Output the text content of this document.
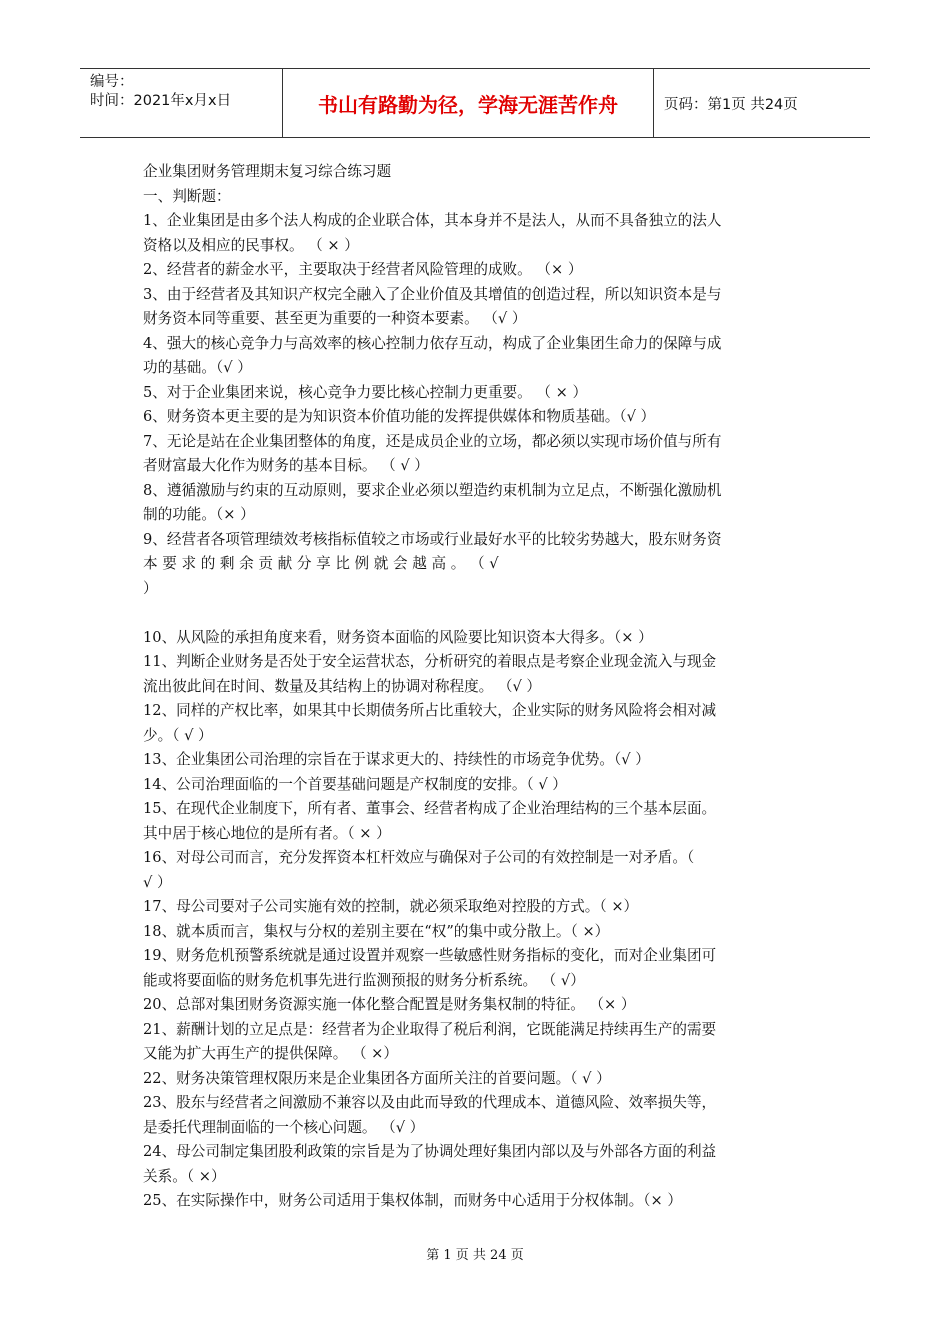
编号：
时间：2021年x月x日	书山有路勤为径，学海无涯苦作舟	页码：第1页 共24页
企业集团财务管理期末复习综合练习题
一、判断题：
1、企业集团是由多个法人构成的企业联合体，其本身并不是法人，从而不具备独立的法人
资格以及相应的民事权。 （ × ）
2、经营者的薪金水平，主要取决于经营者风险管理的成败。 （× ）
3、由于经营者及其知识产权完全融入了企业价值及其增值的创造过程，所以知识资本是与
财务资本同等重要、甚至更为重要的一种资本要素。 （√ ）
4、强大的核心竞争力与高效率的核心控制力依存互动，构成了企业集团生命力的保障与成
功的基础。（√ ）
5、对于企业集团来说，核心竞争力要比核心控制力更重要。 （ × ）
6、财务资本更主要的是为知识资本价值功能的发挥提供媒体和物质基础。（√ ）
7、无论是站在企业集团整体的角度，还是成员企业的立场，都必须以实现市场价值与所有
者财富最大化作为财务的基本目标。 （ √ ）
8、遵循激励与约束的互动原则，要求企业必须以塑造约束机制为立足点，不断强化激励机
制的功能。（× ）
9、经营者各项管理绩效考核指标值较之市场或行业最好水平的比较劣势越大，股东财务资
本 要 求 的 剩 余 贡 献 分 享 比 例 就 会 越 高 。 （ √
）
10、从风险的承担角度来看，财务资本面临的风险要比知识资本大得多。（× ）
11、判断企业财务是否处于安全运营状态，分析研究的着眼点是考察企业现金流入与现金
流出彼此间在时间、数量及其结构上的协调对称程度。 （√ ）
12、同样的产权比率，如果其中长期债务所占比重较大，企业实际的财务风险将会相对减
少。（ √ ）
13、企业集团公司治理的宗旨在于谋求更大的、持续性的市场竞争优势。（√ ）
14、公司治理面临的一个首要基础问题是产权制度的安排。（ √ ）
15、在现代企业制度下，所有者、董事会、经营者构成了企业治理结构的三个基本层面。
其中居于核心地位的是所有者。（ × ）
16、对母公司而言，充分发挥资本杠杆效应与确保对子公司的有效控制是一对矛盾。（
√ ）
17、母公司要对子公司实施有效的控制，就必须采取绝对控股的方式。（ ×）
18、就本质而言，集权与分权的差别主要在“权”的集中或分散上。（ ×）
19、财务危机预警系统就是通过设置并观察一些敏感性财务指标的变化，而对企业集团可
能或将要面临的财务危机事先进行监测预报的财务分析系统。 （ √）
20、总部对集团财务资源实施一体化整合配置是财务集权制的特征。 （× ）
21、薪酬计划的立足点是：经营者为企业取得了税后利润，它既能满足持续再生产的需要
又能为扩大再生产的提供保障。 （ ×）
22、财务决策管理权限历来是企业集团各方面所关注的首要问题。（ √ ）
23、股东与经营者之间激励不兼容以及由此而导致的代理成本、道德风险、效率损失等，
是委托代理制面临的一个核心问题。 （√ ）
24、母公司制定集团股利政策的宗旨是为了协调处理好集团内部以及与外部各方面的利益
关系。（ ×）
25、在实际操作中，财务公司适用于集权体制，而财务中心适用于分权体制。（× ）
第 1 页 共 24 页
